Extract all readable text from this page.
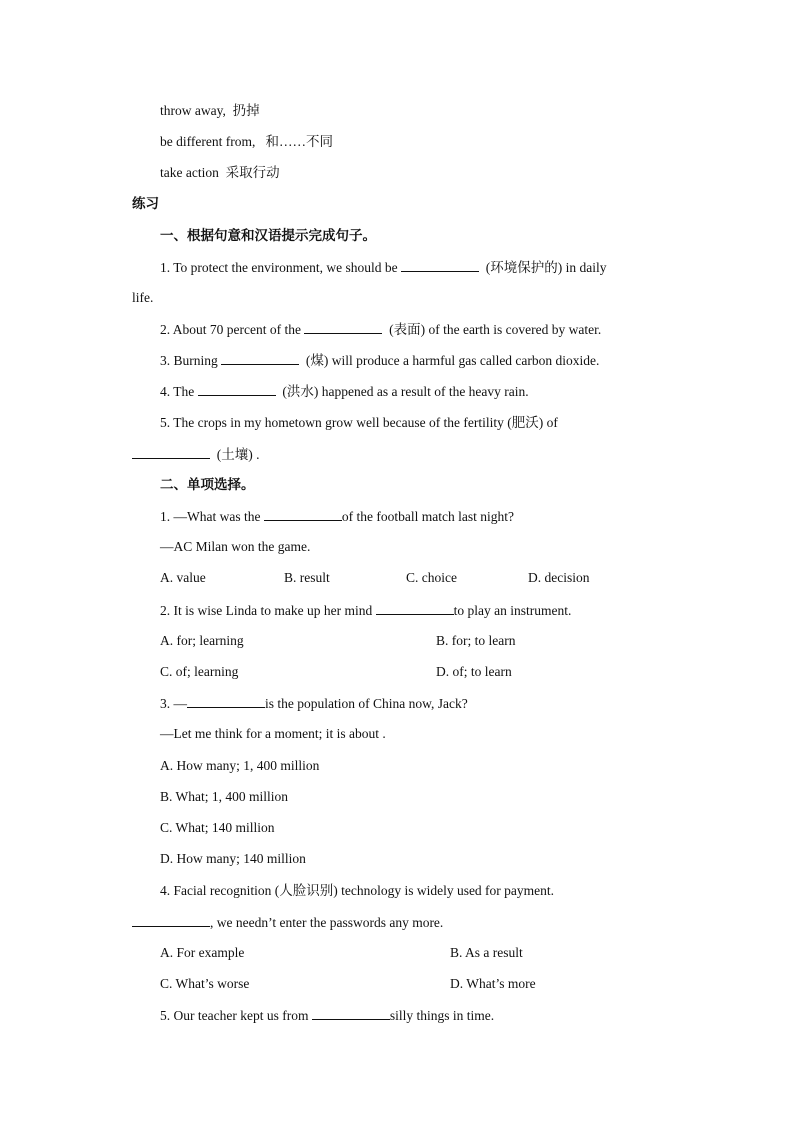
throw away, 扔掉
be different from, 和……不同
take action 采取行动
练习
一、根据句意和汉语提示完成句子。
1. To protect the environment, we should be	(环境保护的) in daily
life.
2. About 70 percent of the	(表面) of the earth is covered by water.
3. Burning	(煤) will produce a harmful gas called carbon dioxide.
4. The	(洪水) happened as a result of the heavy rain.
5. The crops in my hometown grow well because of the fertility (肥沃) of
(土壤) .
二、单项选择。
1. —What was the	of the football match last night?
—AC Milan won the game.
A. value	B. result	C. choice	D. decision
2. It is wise Linda to make up her mind	to play an instrument.
A. for; learning	B. for; to learn
C. of; learning	D. of; to learn
3. —	is the population of China now, Jack?
—Let me think for a moment; it is about .
A. How many; 1, 400 million
B. What; 1, 400 million
C. What; 140 million
D. How many; 140 million
4. Facial recognition (人脸识别) technology is widely used for payment.
, we needn’t enter the passwords any more.
A. For example	B. As a result
C. What’s worse	D. What’s more
5. Our teacher kept us from	silly things in time.
